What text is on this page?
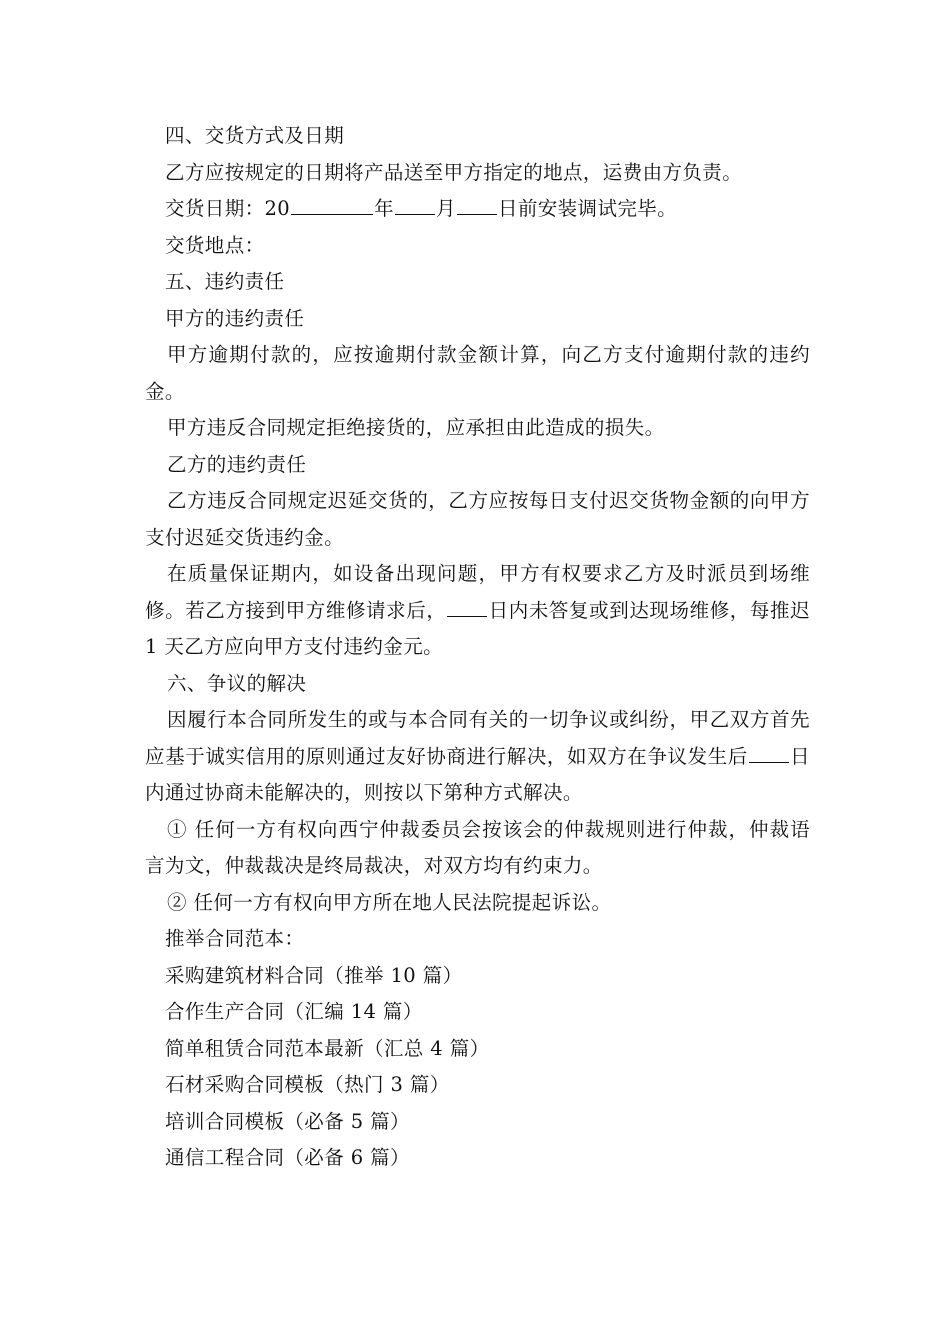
四、交货方式及日期

乙方应按规定的日期将产品送至甲方指定的地点，运费由方负责。

交货日期：20	年 月 日前安装调试完毕。

交货地点：

五、违约责任

甲方的违约责任

甲方逾期付款的，应按逾期付款金额计算，向乙方支付逾期付款的违约金。

甲方违反合同规定拒绝接货的，应承担由此造成的损失。

乙方的违约责任

乙方违反合同规定迟延交货的，乙方应按每日支付迟交货物金额的向甲方支付迟延交货违约金。

在质量保证期内，如设备出现问题，甲方有权要求乙方及时派员到场维修。若乙方接到甲方维修请求后， 日内未答复或到达现场维修，每推迟 1 天乙方应向甲方支付违约金元。

六、争议的解决

因履行本合同所发生的或与本合同有关的一切争议或纠纷，甲乙双方首先应基于诚实信用的原则通过友好协商进行解决，如双方在争议发生后 日内通过协商未能解决的，则按以下第种方式解决。

① 任何一方有权向西宁仲裁委员会按该会的仲裁规则进行仲裁，仲裁语言为文，仲裁裁决是终局裁决，对双方均有约束力。

② 任何一方有权向甲方所在地人民法院提起诉讼。

推举合同范本：

采购建筑材料合同（推举 10 篇）

合作生产合同（汇编 14 篇）

简单租赁合同范本最新（汇总 4 篇）

石材采购合同模板（热门 3 篇）

培训合同模板（必备 5 篇）

通信工程合同（必备 6 篇）
